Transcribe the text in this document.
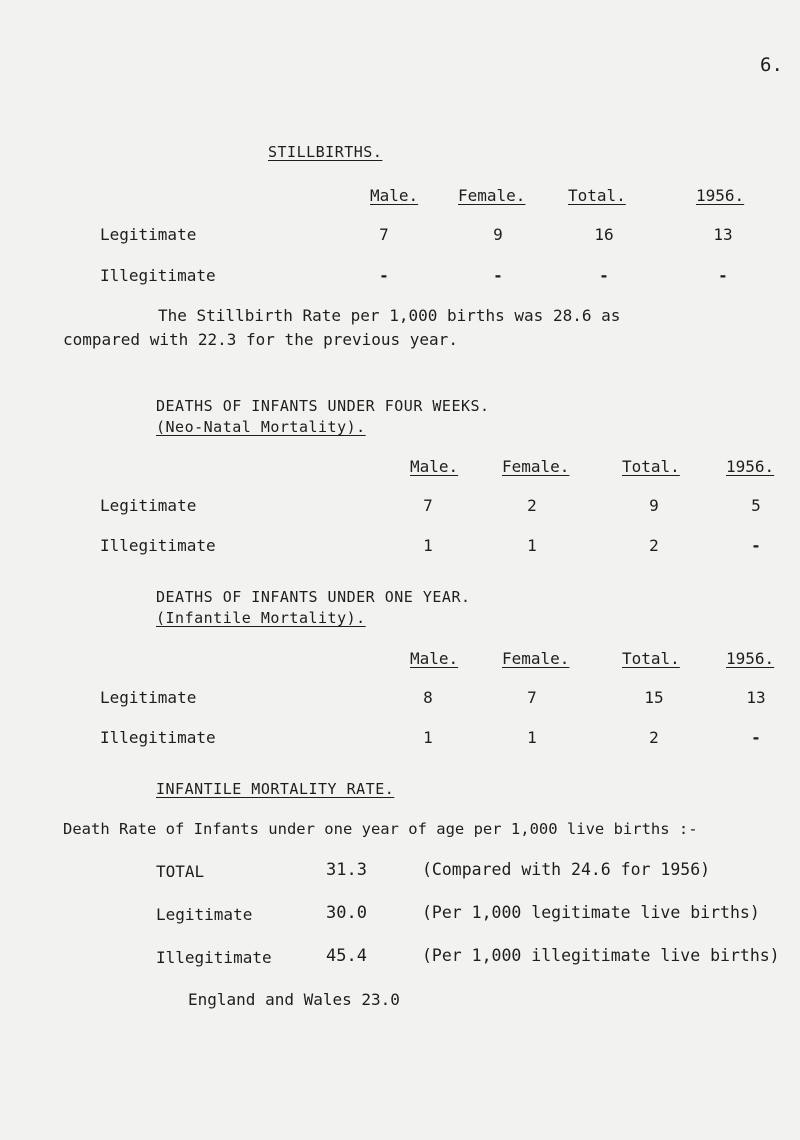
6.
STILLBIRTHS.
Male. Female.	Total.	1956.
Legitimate	7	9	16	13
Illegitimate	-	-	-	-
The Stillbirth Rate per 1,000 births was 28.6 as
compared with 22.3 for the previous year.
DEATHS OF INFANTS UNDER FOUR WEEKS.
(Neo-Natal Mortality).
Male.	Female.	Total.	1956.
Legitimate	7	2	9	5
Illegitimate	1	1	2	-
DEATHS OF INFANTS UNDER ONE YEAR.
(Infantile Mortality).
Male.	Female.	Total.	1956.
Legitimate	8	7	15	13
Illegitimate	1	1	2	-
INFANTILE MORTALITY RATE.
Death Rate of Infants under one year of age per 1,000 live births :-
TOTAL	31.3	(Compared with 24.6 for 1956)
Legitimate	30.0	(Per 1,000 legitimate live births)
Illegitimate	45.4	(Per 1,000 illegitimate live births)
England and Wales 23.0
